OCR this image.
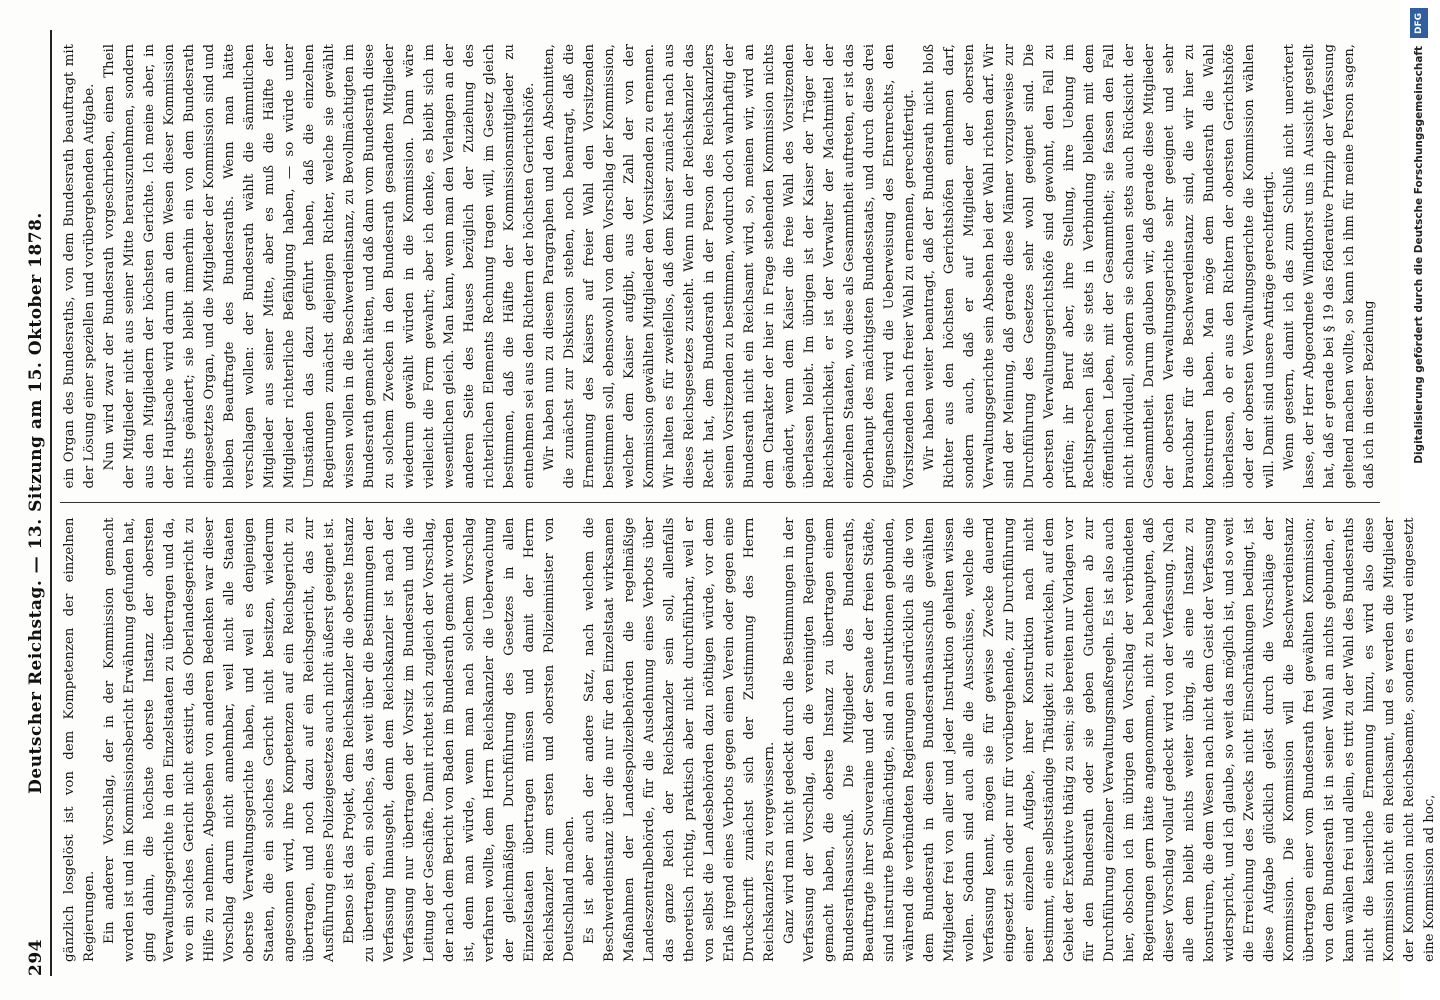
294
Deutscher Reichstag. — 13. Sitzung am 15. Oktober 1878.

gänzlich losgelöst ist von dem Kompetenzen der einzelnen Regierungen. Ein anderer Vorschlag, der in der Kommission gemacht worden ist und im Kommissionsbericht Erwähnung gefunden hat, ging dahin, die höchste oberste Instanz der obersten Verwaltungsgerichte in den Einzelstaaten zu übertragen und da, wo ein solches Gericht nicht existirt, das Oberlandesgericht zu Hilfe zu nehmen. Abgesehen von anderen Bedenken war dieser Vorschlag darum nicht annehmbar, weil nicht alle Staaten oberste Verwaltungsgerichte haben, und weil es denjenigen Staaten, die ein solches Gericht nicht besitzen, wiederum angesonnen wird, ihre Kompetenzen auf ein Reichsgericht zu übertragen, und noch dazu auf ein Reichsgericht, das zur Ausführung eines Polizeigesetzes auch nicht äußerst geeignet ist. Ebenso ist das Projekt, dem Reichskanzler die oberste Instanz zu übertragen, ein solches, das weit über die Bestimmungen der Verfassung hinausgeht, denn dem Reichskanzler ist nach der Verfassung nur übertragen der Vorsitz im Bundesrath und die Leitung der Geschäfte. Damit richtet sich zugleich der Vorschlag, der nach dem Bericht von Baden im Bundesrath gemacht worden ist, denn man würde, wenn man nach solchem Vorschlag verfahren wollte, dem Herrn Reichskanzler die Ueberwachung der gleichmäßigen Durchführung des Gesetzes in allen Einzelstaaten übertragen müssen und damit der Herrn Reichskanzler zum ersten und obersten Polizeiminister von Deutschland machen. Es ist aber auch der andere Satz, nach welchem die Beschwerdeinstanz über die nur für den Einzelstaat wirksamen Maßnahmen der Landespolizeibehörden die regelmäßige Landeszentralbehörde, für die Ausdehnung eines Verbots über das ganze Reich der Reichskanzler sein soll, allenfalls theoretisch richtig, praktisch aber nicht durchführbar, weil er von selbst die Landesbehörden dazu nöthigen würde, vor dem Erlaß irgend eines Verbots gegen einen Verein oder gegen eine Druckschrift zunächst sich der Zustimmung des Herrn Reichskanzlers zu vergewissern. Ganz wird man nicht gedeckt durch die Bestimmungen in der Verfassung der Vorschlag, den die vereinigten Regierungen gemacht haben, die oberste Instanz zu übertragen einem Bundesrathsausschuß. Die Mitglieder des Bundesraths, Beauftragte ihrer Souveraine und der Senate der freien Städte, sind instruirte Bevollmächtigte, sind an Instruktionen gebunden, während die verbündeten Regierungen ausdrücklich als die von dem Bundesrath in diesen Bundesrathsausschuß gewählten Mitglieder frei von aller und jeder Instruktion gehalten wissen wollen. Sodann sind auch alle die Ausschüsse, welche die Verfassung kennt, mögen sie für gewisse Zwecke dauernd eingesetzt sein oder nur für vorübergehende, zur Durchführung einer einzelnen Aufgabe, ihrer Konstruktion nach nicht bestimmt, eine selbstständige Thätigkeit zu entwickeln, auf dem Gebiet der Exekutive thätig zu sein; sie bereiten nur Vorlagen vor für den Bundesrath oder sie geben Gutachten ab zur Durchführung einzelner Verwaltungsmaßregeln. Es ist also auch hier, obschon ich im übrigen den Vorschlag der verbündeten Regierungen gern hätte angenommen, nicht zu behaupten, daß dieser Vorschlag vollauf gedeckt wird von der Verfassung. Nach alle dem bleibt nichts weiter übrig, als eine Instanz zu konstruiren, die dem Wesen nach nicht dem Geist der Verfassung widerspricht, und ich glaube, so weit das möglich ist, und so weit die Erreichung des Zwecks nicht Einschränkungen bedingt, ist diese Aufgabe glücklich gelöst durch die Vorschläge der Kommission. Die Kommission will die Beschwerdeinstanz übertragen einer vom Bundesrath frei gewählten Kommission; von dem Bundesrath ist in seiner Wahl an nichts gebunden, er kann wählen frei und allein, es tritt zu der Wahl des Bundesraths nicht die kaiserliche Ernennung hinzu, es wird also diese Kommission nicht ein Reichsamt, und es werden die Mitglieder der Kommission nicht Reichsbeamte, sondern es wird eingesetzt eine Kommission ad hoc,

ein Organ des Bundesraths, von dem Bundesrath beauftragt mit der Lösung einer speziellen und vorübergehenden Aufgabe. Nun wird zwar der Bundesrath vorgeschrieben, einen Theil der Mitglieder nicht aus seiner Mitte herauszunehmen, sondern aus den Mitgliedern der höchsten Gerichte. Ich meine aber, in der Hauptsache wird darum an dem Wesen dieser Kommission nichts geändert; sie bleibt immerhin ein von dem Bundesrath eingesetztes Organ, und die Mitglieder der Kommission sind und bleiben Beauftragte des Bundesraths. Wenn man hätte verschlagen wollen: der Bundesrath wählt die sämmtlichen Mitglieder aus seiner Mitte, aber es muß die Hälfte der Mitglieder richterliche Befähigung haben, — so würde unter Umständen das dazu geführt haben, daß die einzelnen Regierungen zunächst diejenigen Richter, welche sie gewählt wissen wollen in die Beschwerdeinstanz, zu Bevollmächtigten im Bundesrath gemacht hätten, und daß dann vom Bundesrath diese zu solchem Zwecken in den Bundesrath gesandten Mitglieder wiederum gewählt würden in die Kommission. Dann wäre vielleicht die Form gewahrt; aber ich denke, es bleibt sich im wesentlichen gleich. Man kann, wenn man den Verlangen an der anderen Seite des Hauses bezüglich der Zuziehung des richterlichen Elements Rechnung tragen will, im Gesetz gleich bestimmen, daß die Hälfte der Kommissionsmitglieder zu entnehmen sei aus den Richtern der höchsten Gerichtshöfe. Wir haben nun zu diesem Paragraphen und den Abschnitten, die zunächst zur Diskussion stehen, noch beantragt, daß die Ernennung des Kaisers auf freier Wahl den Vorsitzenden bestimmen soll, ebensowohl von dem Vorschlag der Kommission, welcher dem Kaiser aufgibt, aus der Zahl der von der Kommission gewählten Mitglieder den Vorsitzenden zu ernennen. Wir halten es für zweifellos, daß dem Kaiser zunächst nach aus dieses Reichsgesetzes zusteht. Wenn nun der Reichskanzler das Recht hat, dem Bundesrath in der Person des Reichskanzlers seinen Vorsitzenden zu bestimmen, wodurch doch wahrhaftig der Bundesrath nicht ein Reichsamt wird, so, meinen wir, wird an dem Charakter der hier in Frage stehenden Kommission nichts geändert, wenn dem Kaiser die freie Wahl des Vorsitzenden überlassen bleibt. Im übrigen ist der Kaiser der Träger der Reichsherrlichkeit, er ist der Verwalter der Machtmittel der einzelnen Staaten, wo diese als Gesammtheit auftreten, er ist das Oberhaupt des mächtigsten Bundesstaats, und durch diese drei Eigenschaften wird die Ueberweisung des Ehrenrechts, den Vorsitzenden nach freier Wahl zu ernennen, gerechtfertigt. Wir haben weiter beantragt, daß der Bundesrath nicht bloß Richter aus den höchsten Gerichtshöfen entnehmen darf, sondern auch, daß er auf Mitglieder der obersten Verwaltungsgerichte sein Absehen bei der Wahl richten darf. Wir sind der Meinung, daß gerade diese Männer vorzugsweise zur Durchführung des Gesetzes sehr wohl geeignet sind. Die obersten Verwaltungsgerichtshöfe sind gewohnt, den Fall zu prüfen; ihr Beruf aber, ihre Stellung, ihre Uebung im Rechtsprechen läßt sie stets in Verbindung bleiben mit dem öffentlichen Leben, mit der Gesammtheit; sie fassen den Fall nicht individuell, sondern sie schauen stets auch Rücksicht der Gesammtheit. Darum glauben wir, daß gerade diese Mitglieder der obersten Verwaltungsgerichte sehr geeignet und sehr brauchbar für die Beschwerdeinstanz sind, die wir hier zu konstruiren haben. Man möge dem Bundesrath die Wahl überlassen, ob er aus den Richtern der obersten Gerichtshöfe oder der obersten Verwaltungsgerichte die Kommission wählen will. Damit sind unsere Anträge gerechtfertigt. Wenn gestern, damit ich das zum Schluß nicht unerörtert lasse, der Herr Abgeordnete Windthorst uns in Aussicht gestellt hat, daß er gerade bei § 19 das föderative Prinzip der Verfassung geltend machen wollte, so kann ich ihm für meine Person sagen, daß ich in dieser Beziehung

DFG
Digitalisierung gefördert durch die Deutsche Forschungsgemeinschaft
